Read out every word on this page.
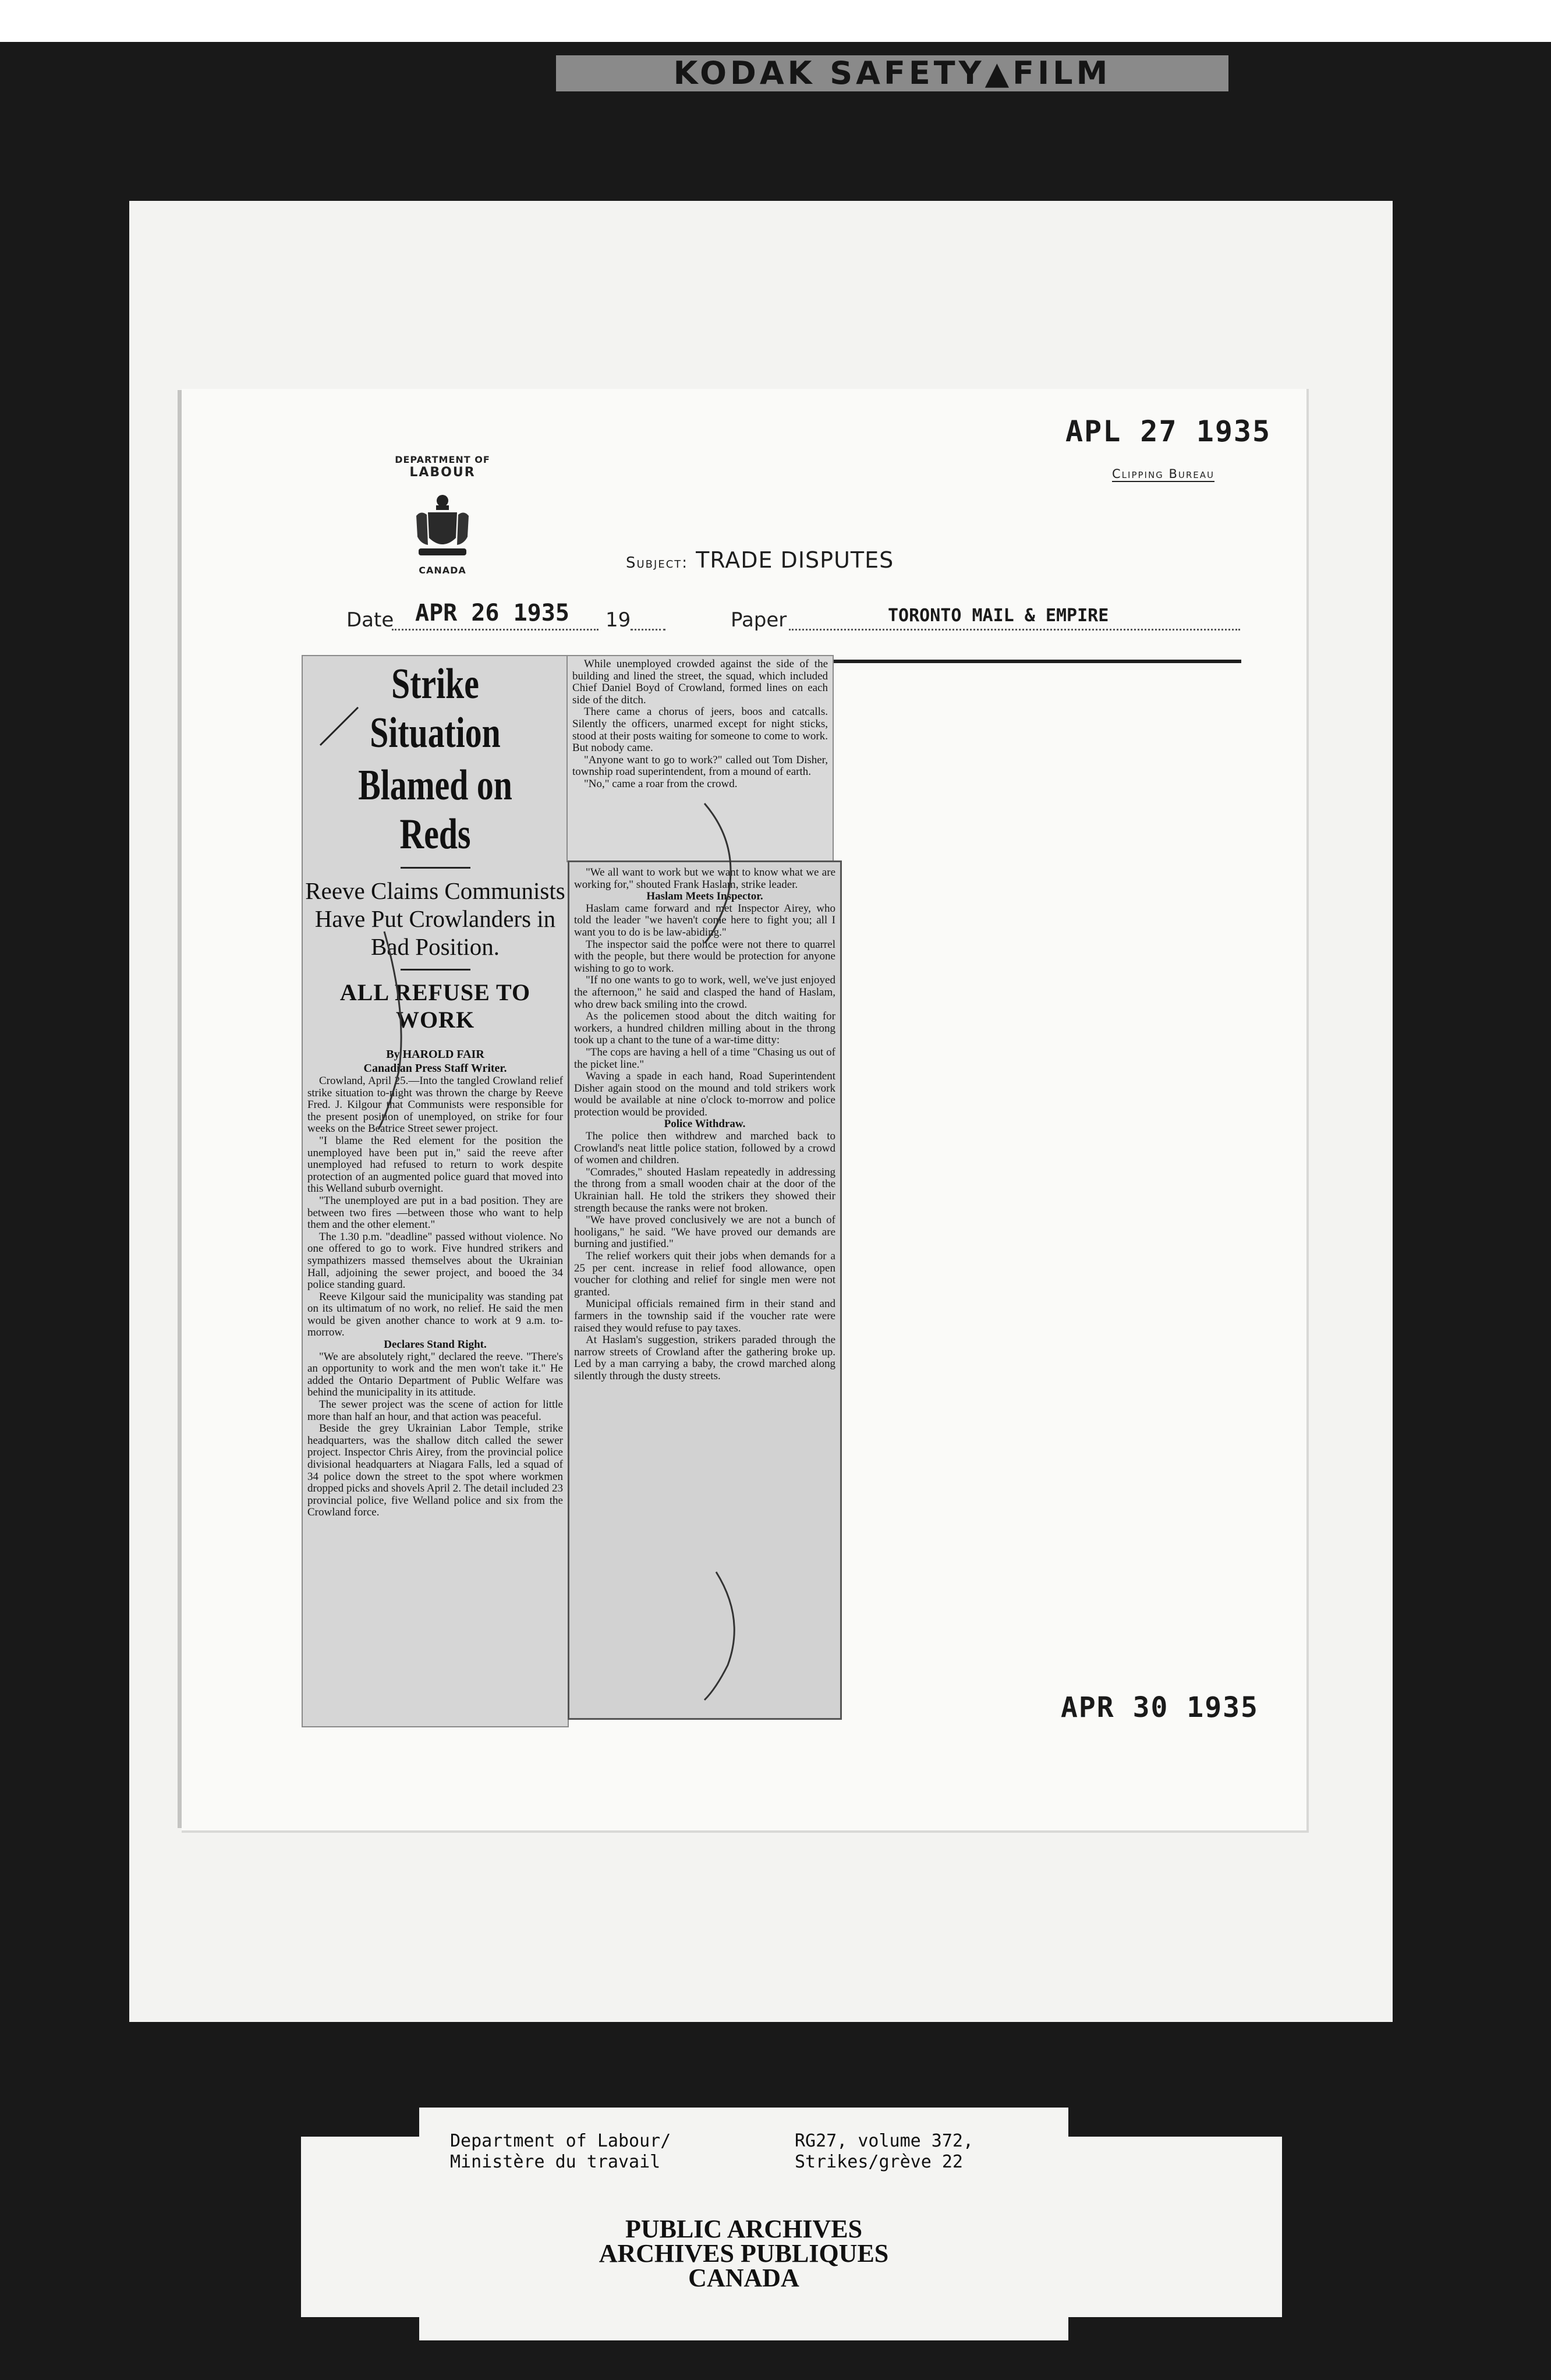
KODAK SAFETY▲FILM
DEPARTMENT OF
LABOUR
CANADA
APL 27 1935
Clipping Bureau
Subject: TRADE DISPUTES
Date APR 26 1935 19	Paper	TORONTO MAIL & EMPIRE
Strike Situation
Blamed on Reds
Reeve Claims Communists Have Put Crowlanders in Bad Position.
ALL REFUSE TO WORK
By HAROLD FAIR
Canadian Press Staff Writer.

Crowland, April 25.—Into the tangled Crowland relief strike situation to-night was thrown the charge by Reeve Fred. J. Kilgour that Communists were responsible for the present position of unemployed, on strike for four weeks on the Beatrice Street sewer project.

"I blame the Red element for the position the unemployed have been put in," said the reeve after unemployed had refused to return to work despite protection of an augmented police guard that moved into this Welland suburb overnight.

"The unemployed are put in a bad position. They are between two fires —between those who want to help them and the other element."

The 1.30 p.m. "deadline" passed without violence. No one offered to go to work. Five hundred strikers and sympathizers massed themselves about the Ukrainian Hall, adjoining the sewer project, and booed the 34 police standing guard.

Reeve Kilgour said the municipality was standing pat on its ultimatum of no work, no relief. He said the men would be given another chance to work at 9 a.m. to-morrow.

Declares Stand Right.

"We are absolutely right," declared the reeve. "There's an opportunity to work and the men won't take it." He added the Ontario Department of Public Welfare was behind the municipality in its attitude.

The sewer project was the scene of action for little more than half an hour, and that action was peaceful.

Beside the grey Ukrainian Labor Temple, strike headquarters, was the shallow ditch called the sewer project. Inspector Chris Airey, from the provincial police divisional headquarters at Niagara Falls, led a squad of 34 police down the street to the spot where workmen dropped picks and shovels April 2. The detail included 23 provincial police, five Welland police and six from the Crowland force.

While unemployed crowded against the side of the building and lined the street, the squad, which included Chief Daniel Boyd of Crowland, formed lines on each side of the ditch.

There came a chorus of jeers, boos and catcalls. Silently the officers, unarmed except for night sticks, stood at their posts waiting for someone to come to work. But nobody came.

"Anyone want to go to work?" called out Tom Disher, township road superintendent, from a mound of earth.

"No," came a roar from the crowd.

"We all want to work but we want to know what we are working for," shouted Frank Haslam, strike leader.

Haslam Meets Inspector.

Haslam came forward and met Inspector Airey, who told the leader "we haven't come here to fight you; all I want you to do is be law-abiding."

The inspector said the police were not there to quarrel with the people, but there would be protection for anyone wishing to go to work.

"If no one wants to go to work, well, we've just enjoyed the afternoon," he said and clasped the hand of Haslam, who drew back smiling into the crowd.

As the policemen stood about the ditch waiting for workers, a hundred children milling about in the throng took up a chant to the tune of a war-time ditty:

"The cops are having a hell of a time "Chasing us out of the picket line."

Waving a spade in each hand, Road Superintendent Disher again stood on the mound and told strikers work would be available at nine o'clock to-morrow and police protection would be provided.

Police Withdraw.

The police then withdrew and marched back to Crowland's neat little police station, followed by a crowd of women and children.

"Comrades," shouted Haslam repeatedly in addressing the throng from a small wooden chair at the door of the Ukrainian hall. He told the strikers they showed their strength because the ranks were not broken.

"We have proved conclusively we are not a bunch of hooligans," he said. "We have proved our demands are burning and justified."

The relief workers quit their jobs when demands for a 25 per cent. increase in relief food allowance, open voucher for clothing and relief for single men were not granted.

Municipal officials remained firm in their stand and farmers in the township said if the voucher rate were raised they would refuse to pay taxes.

At Haslam's suggestion, strikers paraded through the narrow streets of Crowland after the gathering broke up. Led by a man carrying a baby, the crowd marched along silently through the dusty streets.

APR 30 1935
Department of Labour/
Ministère du travail
RG27, volume 372,
Strikes/grève 22
PUBLIC ARCHIVES
ARCHIVES PUBLIQUES
CANADA
